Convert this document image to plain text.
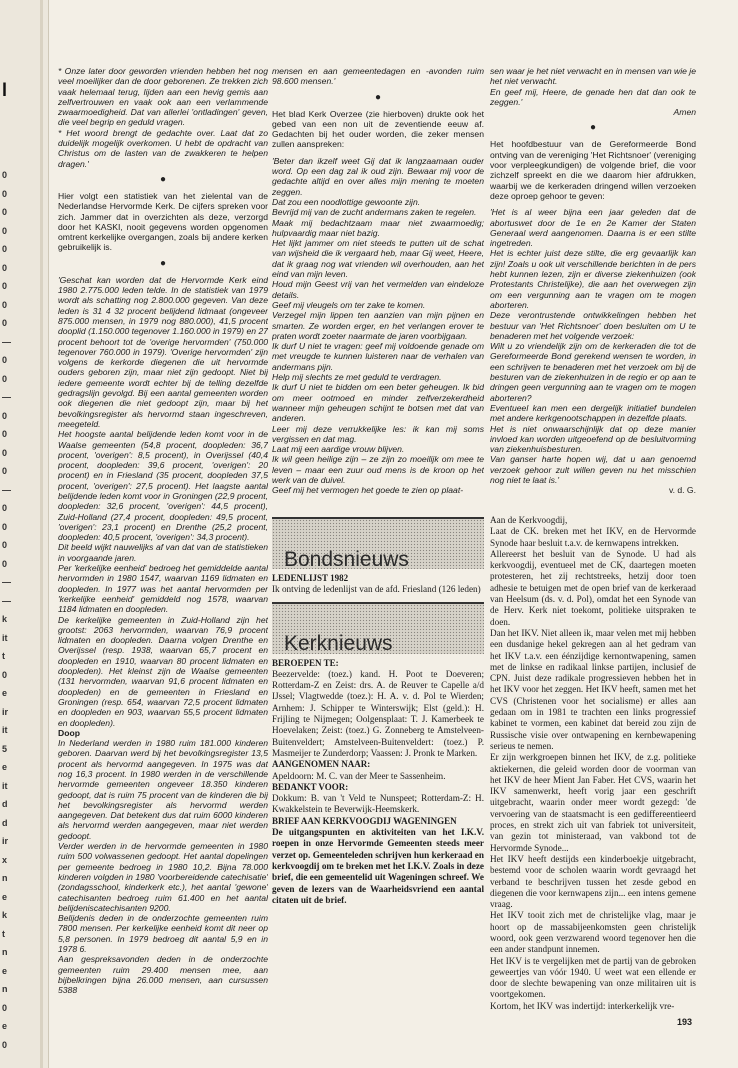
l
0
0
0
0
0
0
0
0
0
—
0
0
—
0
0
0
0
—
0
0
0
0
—
—
k
it
t
0
e
ir
it
5
e
it
d
d
ir
x
n
e
k
t
n
e
n
0
e
0

* Onze later door geworden vrienden hebben het nog veel moeilijker dan de door geborenen. Ze trekken zich vaak helemaal terug, lijden aan een hevig gemis aan zelfvertrouwen en vaak ook aan een verlammende zwaarmoedigheid. Dat van allerlei 'ontladingen' geven, die veel begrip en geduld vragen.

* Het woord brengt de gedachte over. Laat dat zo duidelijk mogelijk overkomen. U hebt de opdracht van Christus om de lasten van de zwakkeren te helpen dragen.'

●

Hier volgt een statistiek van het zielental van de Nederlandse Hervormde Kerk. De cijfers spreken voor zich. Jammer dat in overzichten als deze, verzorgd door het KASKI, nooit gegevens worden opgenomen omtrent kerkelijke overgangen, zoals bij andere kerken gebruikelijk is.

●

'Geschat kan worden dat de Hervormde Kerk eind 1980 2.775.000 leden telde. In de statistiek van 1979 wordt als schatting nog 2.800.000 gegeven. Van deze leden is 31 4 32 procent belijdend lidmaat (ongeveer 875.000 mensen, in 1979 nog 880.000), 41,5 procent dooplid (1.150.000 tegenover 1.160.000 in 1979) en 27 procent behoort tot de 'overige hervormden' (750.000 tegenover 760.000 in 1979). 'Overige hervormden' zijn volgens de kerkorde diegenen die uit hervormde ouders geboren zijn, maar niet zijn gedoopt. Niet bij iedere gemeente wordt echter bij de telling dezelfde gedragslijn gevolgd. Bij een aantal gemeenten worden ook diegenen die niet gedoopt zijn, maar bij het bevolkingsregister als hervormd staan ingeschreven, meegeteld.

Het hoogste aantal belijdende leden komt voor in de Waalse gemeenten (54,8 procent, doopleden: 36,7 procent, 'overigen': 8,5 procent), in Overijssel (40,4 procent, doopleden: 39,6 procent, 'overigen': 20 procent) en in Friesland (35 procent, doopleden 37,5 procent, 'overigen': 27,5 procent). Het laagste aantal belijdende leden komt voor in Groningen (22,9 procent, doopleden: 32,6 procent, 'overigen': 44,5 procent), Zuid-Holland (27,4 procent, doopleden: 49,5 procent, 'overigen': 23,1 procent) en Drenthe (25,2 procent, doopleden: 40,5 procent, 'overigen': 34,3 procent).

Dit beeld wijkt nauwelijks af van dat van de statistieken in voorgaande jaren.

Per 'kerkelijke eenheid' bedroeg het gemiddelde aantal hervormden in 1980 1547, waarvan 1169 lidmaten en doopleden. In 1977 was het aantal hervormden per 'kerkelijke eenheid' gemiddeld nog 1578, waarvan 1184 lidmaten en doopleden.

De kerkelijke gemeenten in Zuid-Holland zijn het grootst: 2063 hervormden, waarvan 76,9 procent lidmaten en doopleden. Daarna volgen Drenthe en Overijssel (resp. 1938, waarvan 65,7 procent en doopleden en 1910, waarvan 80 procent lidmaten en doopleden). Het kleinst zijn de Waalse gemeenten (131 hervormden, waarvan 91,6 procent lidmaten en doopleden) en de gemeenten in Friesland en Groningen (resp. 654, waarvan 72,5 procent lidmaten en doopleden en 903, waarvan 55,5 procent lidmaten en doopleden).

Doop

In Nederland werden in 1980 ruim 181.000 kinderen geboren. Daarvan werd bij het bevolkingsregister 13,5 procent als hervormd aangegeven. In 1975 was dat nog 16,3 procent. In 1980 werden in de verschillende hervormde gemeenten ongeveer 18.350 kinderen gedoopt, dat is ruim 75 procent van de kinderen die bij het bevolkingsregister als hervormd werden aangegeven. Dat betekent dus dat ruim 6000 kinderen als hervormd werden aangegeven, maar niet werden gedoopt.

Verder werden in de hervormde gemeenten in 1980 ruim 500 volwassenen gedoopt. Het aantal dopelingen per gemeente bedroeg in 1980 10,2. Bijna 78.000 kinderen volgden in 1980 'voorbereidende catechisatie' (zondagsschool, kinderkerk etc.), het aantal 'gewone' catechisanten bedroeg ruim 61.400 en het aantal belijdeniscatechisanten 9200.

Belijdenis deden in de onderzochte gemeenten ruim 7800 mensen. Per kerkelijke eenheid komt dit neer op 5,8 personen. In 1979 bedroeg dit aantal 5,9 en in 1978 6.

Aan gespreksavonden deden in de onderzochte gemeenten ruim 29.400 mensen mee, aan bijbelkringen bijna 26.000 mensen, aan cursussen 5388

mensen en aan gemeentedagen en -avonden ruim 98.600 mensen.'

●

Het blad Kerk Overzee (zie hierboven) drukte ook het gebed van een non uit de zeventiende eeuw af. Gedachten bij het ouder worden, die zeker mensen zullen aanspreken:

'Beter dan ikzelf weet Gij dat ik langzaamaan ouder word. Op een dag zal ik oud zijn. Bewaar mij voor de gedachte altijd en over alles mijn mening te moeten zeggen.

Dat zou een noodlottige gewoonte zijn.

Bevrijd mij van de zucht andermans zaken te regelen.

Maak mij bedachtzaam maar niet zwaarmoedig; hulpvaardig maar niet bazig.

Het lijkt jammer om niet steeds te putten uit de schat van wijsheid die ik vergaard heb, maar Gij weet, Heere, dat ik graag nog wat vrienden wil overhouden, aan het eind van mijn leven.

Houd mijn Geest vrij van het vermelden van eindeloze details.

Geef mij vleugels om ter zake te komen.

Verzegel mijn lippen ten aanzien van mijn pijnen en smarten. Ze worden erger, en het verlangen erover te praten wordt zoeter naarmate de jaren voorbijgaan.

Ik durf U niet te vragen: geef mij voldoende genade om met vreugde te kunnen luisteren naar de verhalen van andermans pijn.

Help mij slechts ze met geduld te verdragen.

Ik durf U niet te bidden om een beter geheugen. Ik bid om meer ootmoed en minder zelfverzekerdheid wanneer mijn geheugen schijnt te botsen met dat van anderen.

Leer mij deze verrukkelijke les: ik kan mij soms vergissen en dat mag.

Laat mij een aardige vrouw blijven.

Ik wil geen heilige zijn – ze zijn zo moeilijk om mee te leven – maar een zuur oud mens is de kroon op het werk van de duivel.

Geef mij het vermogen het goede te zien op plaat-

sen waar je het niet verwacht en in mensen van wie je het niet verwacht.

En geef mij, Heere, de genade hen dat dan ook te zeggen.'

Amen

●

Het hoofdbestuur van de Gereformeerde Bond ontving van de vereniging 'Het Richtsnoer' (vereniging voor verpleegkundigen) de volgende brief, die voor zichzelf spreekt en die we daarom hier afdrukken, waarbij we de kerkeraden dringend willen verzoeken deze oproep gehoor te geven:

'Het is al weer bijna een jaar geleden dat de abortuswet door de 1e en 2e Kamer der Staten Generaal werd aangenomen. Daarna is er een stilte ingetreden.

Het is echter juist deze stilte, die erg gevaarlijk kan zijn! Zoals u ook uit verschillende berichten in de pers hebt kunnen lezen, zijn er diverse ziekenhuizen (ook Protestants Christelijke), die aan het overwegen zijn om een vergunning aan te vragen om te mogen aborteren.

Deze verontrustende ontwikkelingen hebben het bestuur van 'Het Richtsnoer' doen besluiten om U te benaderen met het volgende verzoek:

Wilt u zo vriendelijk zijn om de kerkeraden die tot de Gereformeerde Bond gerekend wensen te worden, in een schrijven te benaderen met het verzoek om bij de besturen van de ziekenhuizen in de regio er op aan te dringen geen vergunning aan te vragen om te mogen aborteren?

Eventueel kan men een dergelijk initiatief bundelen met andere kerkgenootschappen in dezelfde plaats.

Het is niet onwaarschijnlijk dat op deze manier invloed kan worden uitgeoefend op de besluitvorming van ziekenhuisbesturen.

Van ganser harte hopen wij, dat u aan genoemd verzoek gehoor zult willen geven nu het misschien nog niet te laat is.'

v. d. G.

Bondsnieuws

LEDENLIJST 1982

Ik ontving de ledenlijst van de afd. Friesland (126 leden)

Kerknieuws

BEROEPEN TE:

Beezervelde: (toez.) kand. H. Poot te Doeveren; Rotterdam-Z en Zeist: drs. A. de Reuver te Capelle a/d IJssel; Vlagtwedde (toez.): H. A. v. d. Pol te Wierden; Arnhem: J. Schipper te Winterswijk; Elst (geld.): H. Frijling te Nijmegen; Oolgensplaat: T. J. Kamerbeek te Hoevelaken; Zeist: (toez.) G. Zonneberg te Amstelveen-Buitenveldert; Amstelveen-Buitenveldert: (toez.) P. Masmeijer te Zunderdorp; Vaassen: J. Pronk te Marken.

AANGENOMEN NAAR:

Apeldoorn: M. C. van der Meer te Sassenheim.

BEDANKT VOOR:

Dokkum: B. van 't Veld te Nunspeet; Rotterdam-Z: H. Kwakkelstein te Beverwijk-Heemskerk.

BRIEF AAN KERKVOOGDIJ WAGENINGEN

De uitgangspunten en aktiviteiten van het I.K.V. roepen in onze Hervormde Gemeenten steeds meer verzet op. Gemeenteleden schrijven hun kerkeraad en kerkvoogdij om te breken met het I.K.V. Zoals in deze brief, die een gemeentelid uit Wageningen schreef. We geven de lezers van de Waarheidsvriend een aantal citaten uit de brief.

Aan de Kerkvoogdij,

Laat de CK. breken met het IKV, en de Hervormde Synode haar besluit t.a.v. de kernwapens intrekken.

Allereerst het besluit van de Synode. U had als kerkvoogdij, eventueel met de CK, daartegen moeten protesteren, het zij rechtstreeks, hetzij door toen adhesie te betuigen met de open brief van de kerkeraad van Heelsum (ds. v. d. Pol), omdat het een Synode van de Herv. Kerk niet toekomt, politieke uitspraken te doen.

Dan het IKV. Niet alleen ik, maar velen met mij hebben een dusdanige hekel gekregen aan al het gedram van het IKV t.a.v. een éénzijdige kernontwapening, samen met de linkse en radikaal linkse partijen, inclusief de CPN. Juist deze radikale progressieven hebben het in het IKV voor het zeggen. Het IKV heeft, samen met het CVS (Christenen voor het socialisme) er alles aan gedaan om in 1981 te trachten een links progressief kabinet te vormen, een kabinet dat bereid zou zijn de Russische visie over ontwapening en kernbewapening serieus te nemen.

Er zijn werkgroepen binnen het IKV, de z.g. politieke aktiekernen, die geleid worden door de voorman van het IKV de heer Mient Jan Faber. Het CVS, waarin het IKV samenwerkt, heeft vorig jaar een geschrift uitgebracht, waarin onder meer wordt gezegd: 'de vervoering van de staatsmacht is een gediffereentieerd proces, en strekt zich uit van fabriek tot universiteit, van gezin tot ministeraad, van vakbond tot de Hervormde Synode...

Het IKV heeft destijds een kinderboekje uitgebracht, bestemd voor de scholen waarin wordt gevraagd het verband te beschrijven tussen het zesde gebod en diegenen die voor kernwapens zijn... een intens gemene vraag.

Het IKV tooit zich met de christelijke vlag, maar je hoort op de massabijeenkomsten geen christelijk woord, ook geen verzwarend woord tegenover hen die een ander standpunt innemen.

Het IKV is te vergelijken met de partij van de gebroken geweertjes van vóór 1940. U weet wat een ellende er door de slechte bewapening van onze militairen uit is voortgekomen.

Kortom, het IKV was indertijd: interkerkelijk vre-

193
